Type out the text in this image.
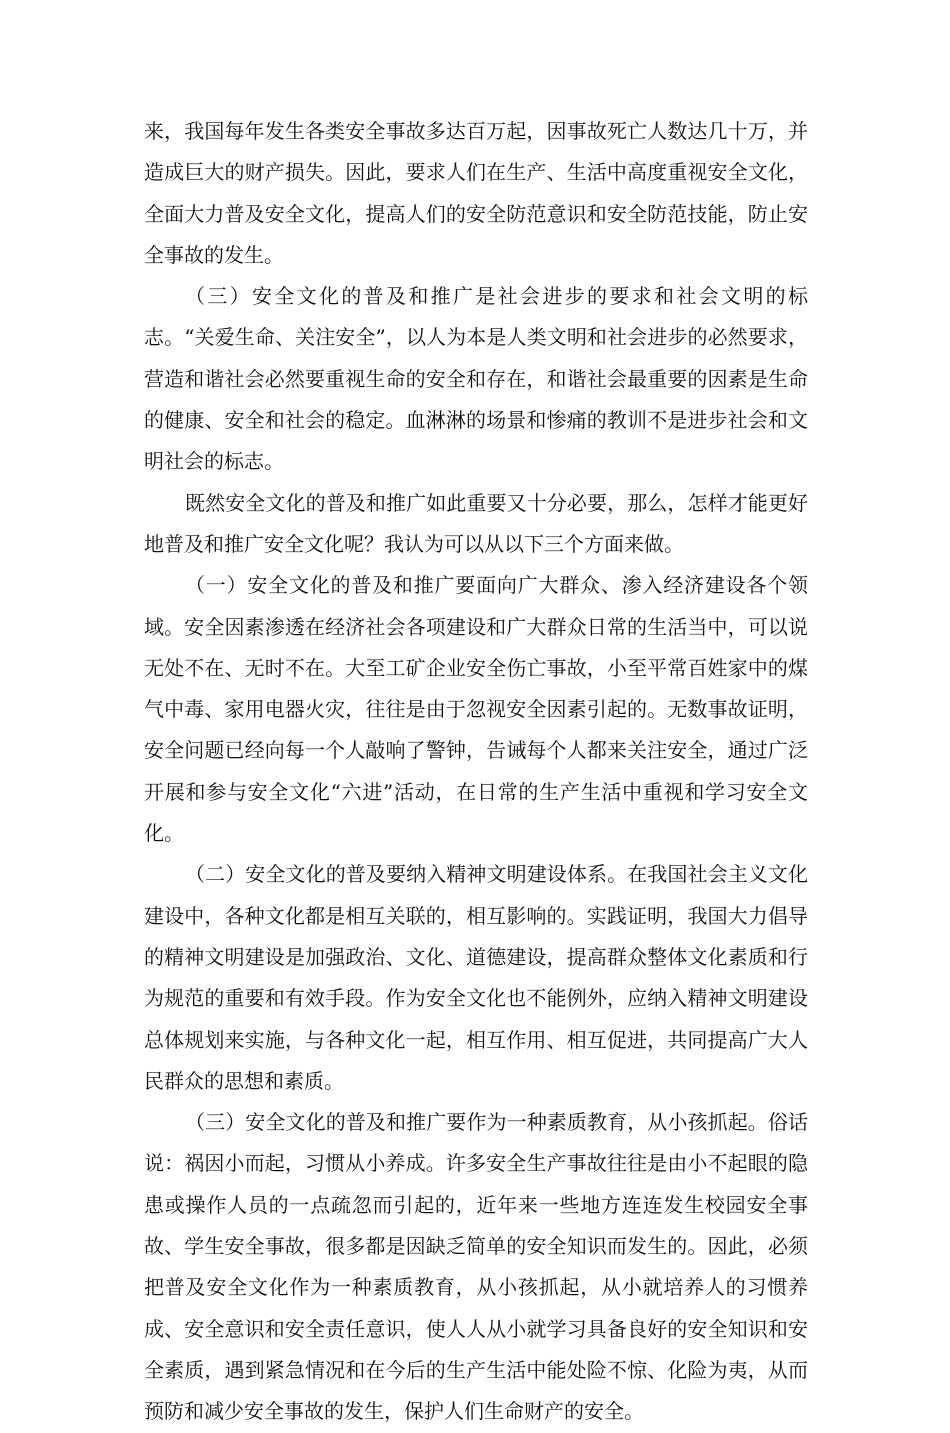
来，我国每年发生各类安全事故多达百万起，因事故死亡人数达几十万，并造成巨大的财产损失。因此，要求人们在生产、生活中高度重视安全文化，全面大力普及安全文化，提高人们的安全防范意识和安全防范技能，防止安全事故的发生。

（三）安全文化的普及和推广是社会进步的要求和社会文明的标志。“关爱生命、关注安全”，以人为本是人类文明和社会进步的必然要求，营造和谐社会必然要重视生命的安全和存在，和谐社会最重要的因素是生命的健康、安全和社会的稳定。血淋淋的场景和惨痛的教训不是进步社会和文明社会的标志。

既然安全文化的普及和推广如此重要又十分必要，那么，怎样才能更好地普及和推广安全文化呢？我认为可以从以下三个方面来做。

（一）安全文化的普及和推广要面向广大群众、渗入经济建设各个领域。安全因素渗透在经济社会各项建设和广大群众日常的生活当中，可以说无处不在、无时不在。大至工矿企业安全伤亡事故，小至平常百姓家中的煤气中毒、家用电器火灾，往往是由于忽视安全因素引起的。无数事故证明，安全问题已经向每一个人敲响了警钟，告诫每个人都来关注安全，通过广泛开展和参与安全文化“六进”活动，在日常的生产生活中重视和学习安全文化。

（二）安全文化的普及要纳入精神文明建设体系。在我国社会主义文化建设中，各种文化都是相互关联的，相互影响的。实践证明，我国大力倡导的精神文明建设是加强政治、文化、道德建设，提高群众整体文化素质和行为规范的重要和有效手段。作为安全文化也不能例外，应纳入精神文明建设总体规划来实施，与各种文化一起，相互作用、相互促进，共同提高广大人民群众的思想和素质。

（三）安全文化的普及和推广要作为一种素质教育，从小孩抓起。俗话说：祸因小而起，习惯从小养成。许多安全生产事故往往是由小不起眼的隐患或操作人员的一点疏忽而引起的，近年来一些地方连连发生校园安全事故、学生安全事故，很多都是因缺乏简单的安全知识而发生的。因此，必须把普及安全文化作为一种素质教育，从小孩抓起，从小就培养人的习惯养成、安全意识和安全责任意识，使人人从小就学习具备良好的安全知识和安全素质，遇到紧急情况和在今后的生产生活中能处险不惊、化险为夷，从而预防和减少安全事故的发生，保护人们生命财产的安全。
